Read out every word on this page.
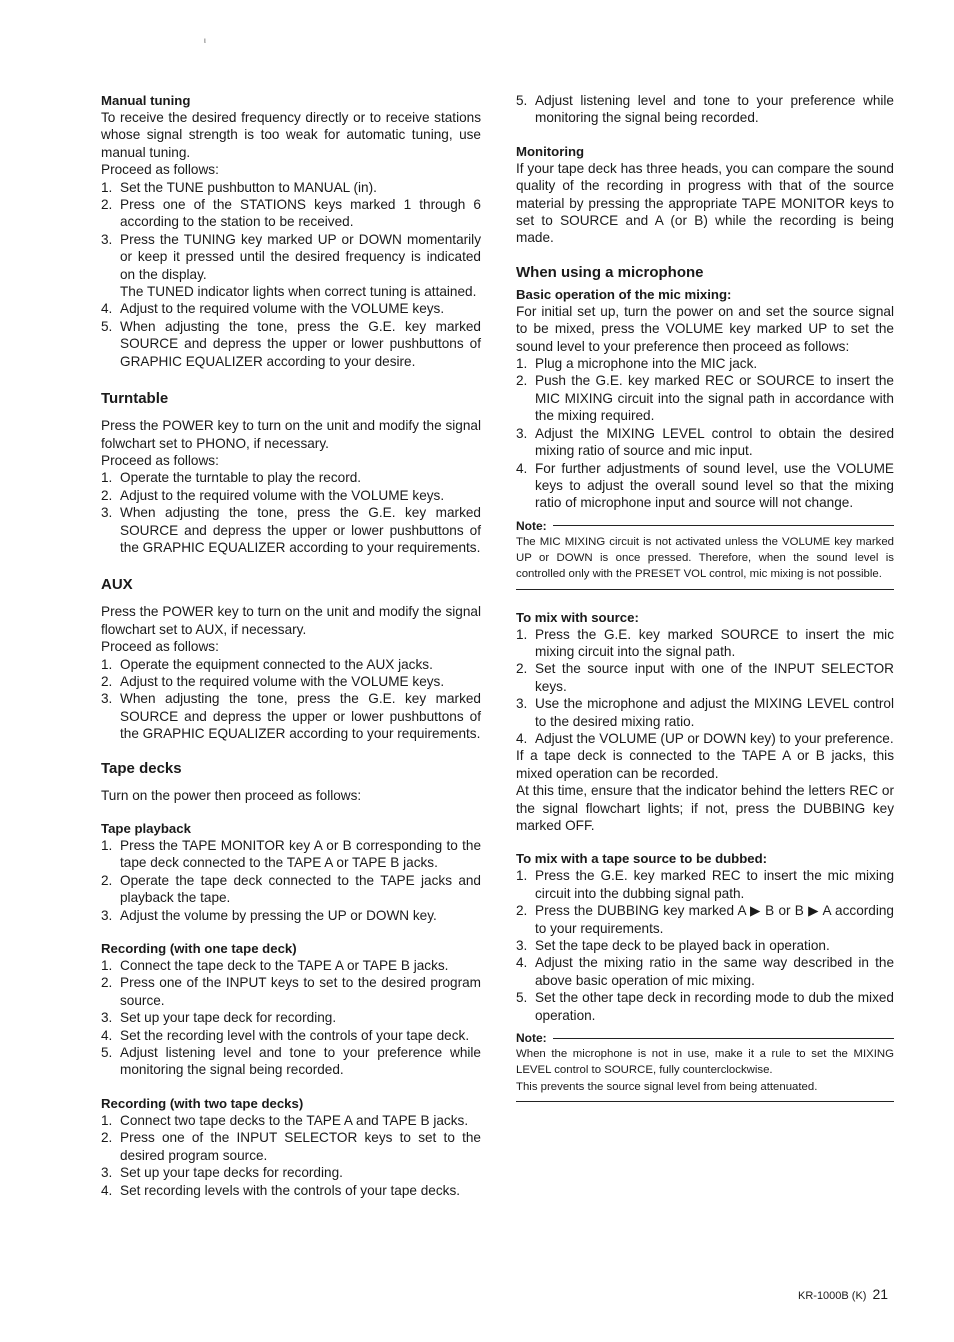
ι
Manual tuning

To receive the desired frequency directly or to receive stations whose signal strength is too weak for automatic tuning, use manual tuning.

Proceed as follows:

1. Set the TUNE pushbutton to MANUAL (in).
2. Press one of the STATIONS keys marked 1 through 6 according to the station to be received.
3. Press the TUNING key marked UP or DOWN momentarily or keep it pressed until the desired frequency is indicated on the display.
The TUNED indicator lights when correct tuning is attained.
4. Adjust to the required volume with the VOLUME keys.
5. When adjusting the tone, press the G.E. key marked SOURCE and depress the upper or lower pushbuttons of GRAPHIC EQUALIZER according to your desire.
Turntable

Press the POWER key to turn on the unit and modify the signal folwchart set to PHONO, if necessary.

Proceed as follows:

1. Operate the turntable to play the record.
2. Adjust to the required volume with the VOLUME keys.
3. When adjusting the tone, press the G.E. key marked SOURCE and depress the upper or lower pushbuttons of the GRAPHIC EQUALIZER according to your requirements.
AUX

Press the POWER key to turn on the unit and modify the signal flowchart set to AUX, if necessary.

Proceed as follows:

1. Operate the equipment connected to the AUX jacks.
2. Adjust to the required volume with the VOLUME keys.
3. When adjusting the tone, press the G.E. key marked SOURCE and depress the upper or lower pushbuttons of the GRAPHIC EQUALIZER according to your requirements.
Tape decks

Turn on the power then proceed as follows:

Tape playback
1. Press the TAPE MONITOR key A or B corresponding to the tape deck connected to the TAPE A or TAPE B jacks.
2. Operate the tape deck connected to the TAPE jacks and playback the tape.
3. Adjust the volume by pressing the UP or DOWN key.
Recording (with one tape deck)
1. Connect the tape deck to the TAPE A or TAPE B jacks.
2. Press one of the INPUT keys to set to the desired program source.
3. Set up your tape deck for recording.
4. Set the recording level with the controls of your tape deck.
5. Adjust listening level and tone to your preference while monitoring the signal being recorded.
Recording (with two tape decks)
1. Connect two tape decks to the TAPE A and TAPE B jacks.
2. Press one of the INPUT SELECTOR keys to set to the desired program source.
3. Set up your tape decks for recording.
4. Set recording levels with the controls of your tape decks.
5. Adjust listening level and tone to your preference while monitoring the signal being recorded.
Monitoring

If your tape deck has three heads, you can compare the sound quality of the recording in progress with that of the source material by pressing the appropriate TAPE MONITOR keys to set to SOURCE and A (or B) while the recording is being made.

When using a microphone
Basic operation of the mic mixing:

For initial set up, turn the power on and set the source signal to be mixed, press the VOLUME key marked UP to set the sound level to your preference then proceed as follows:

1. Plug a microphone into the MIC jack.
2. Push the G.E. key marked REC or SOURCE to insert the MIC MIXING circuit into the signal path in accordance with the mixing required.
3. Adjust the MIXING LEVEL control to obtain the desired mixing ratio of source and mic input.
4. For further adjustments of sound level, use the VOLUME keys to adjust the overall sound level so that the mixing ratio of microphone input and source will not change.
Note:

The MIC MIXING circuit is not activated unless the VOLUME key marked UP or DOWN is once pressed. Therefore, when the sound level is controlled only with the PRESET VOL control, mic mixing is not possible.

To mix with source:
1. Press the G.E. key marked SOURCE to insert the mic mixing circuit into the signal path.
2. Set the source input with one of the INPUT SELECTOR keys.
3. Use the microphone and adjust the MIXING LEVEL control to the desired mixing ratio.
4. Adjust the VOLUME (UP or DOWN key) to your preference.

If a tape deck is connected to the TAPE A or B jacks, this mixed operation can be recorded.

At this time, ensure that the indicator behind the letters REC or the signal flowchart lights; if not, press the DUBBING key marked OFF.

To mix with a tape source to be dubbed:
1. Press the G.E. key marked REC to insert the mic mixing circuit into the dubbing signal path.
2. Press the DUBBING key marked A ▶ B or B ▶ A according to your requirements.
3. Set the tape deck to be played back in operation.
4. Adjust the mixing ratio in the same way described in the above basic operation of mic mixing.
5. Set the other tape deck in recording mode to dub the mixed operation.
Note:

When the microphone is not in use, make it a rule to set the MIXING LEVEL control to SOURCE, fully counterclockwise.

This prevents the source signal level from being attenuated.

KR-1000B (K) 21
